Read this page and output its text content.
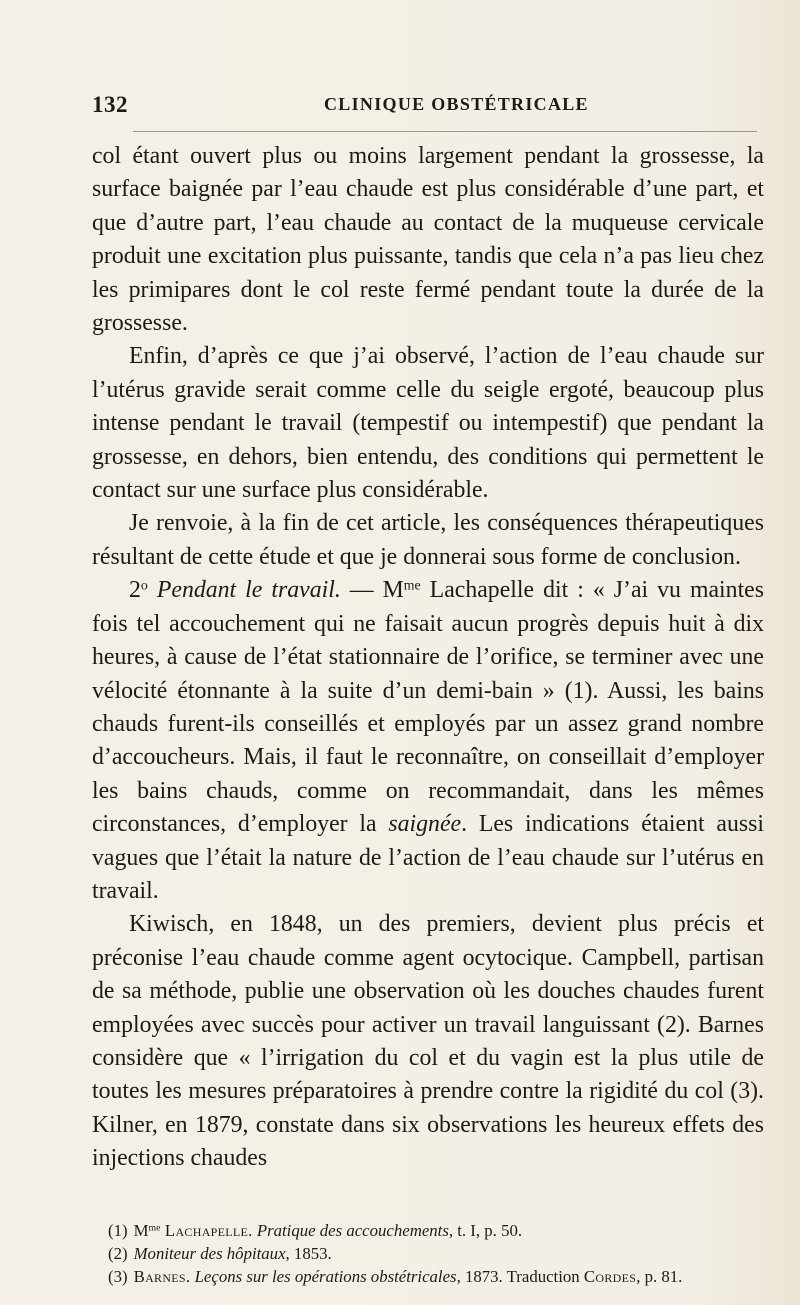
132	CLINIQUE OBSTÉTRICALE

col étant ouvert plus ou moins largement pendant la grossesse, la surface baignée par l’eau chaude est plus considérable d’une part, et que d’autre part, l’eau chaude au contact de la muqueuse cervicale produit une excitation plus puissante, tandis que cela n’a pas lieu chez les primipares dont le col reste fermé pendant toute la durée de la grossesse.

Enfin, d’après ce que j’ai observé, l’action de l’eau chaude sur l’utérus gravide serait comme celle du seigle ergoté, beaucoup plus intense pendant le travail (tempestif ou intempestif) que pendant la grossesse, en dehors, bien entendu, des conditions qui permettent le contact sur une surface plus considérable.

Je renvoie, à la fin de cet article, les conséquences thérapeutiques résultant de cette étude et que je donnerai sous forme de conclusion.

2$^o$ Pendant le travail. — $M^{me}$ Lachapelle dit : « J’ai vu maintes fois tel accouchement qui ne faisait aucun progrès depuis huit à dix heures, à cause de l’état stationnaire de l’orifice, se terminer avec une vélocité étonnante à la suite d’un demi-bain » (1). Aussi, les bains chauds furent-ils conseillés et employés par un assez grand nombre d’accoucheurs. Mais, il faut le reconnaître, on conseillait d’employer les bains chauds, comme on recommandait, dans les mêmes circonstances, d’employer la saignée. Les indications étaient aussi vagues que l’était la nature de l’action de l’eau chaude sur l’utérus en travail.

Kiwisch, en 1848, un des premiers, devient plus précis et préconise l’eau chaude comme agent ocytocique. Campbell, partisan de sa méthode, publie une observation où les douches chaudes furent employées avec succès pour activer un travail languissant (2). Barnes considère que « l’irrigation du col et du vagin est la plus utile de toutes les mesures préparatoires à prendre contre la rigidité du col (3). Kilner, en 1879, constate dans six observations les heureux effets des injections chaudes

(1) $M^{me}$ Lachapelle. Pratique des accouchements, t. I, p. 50.

(2) Moniteur des hôpitaux, 1853.

(3) Barnes. Leçons sur les opérations obstétricales, 1873. Traduction Cordes, p. 81.
